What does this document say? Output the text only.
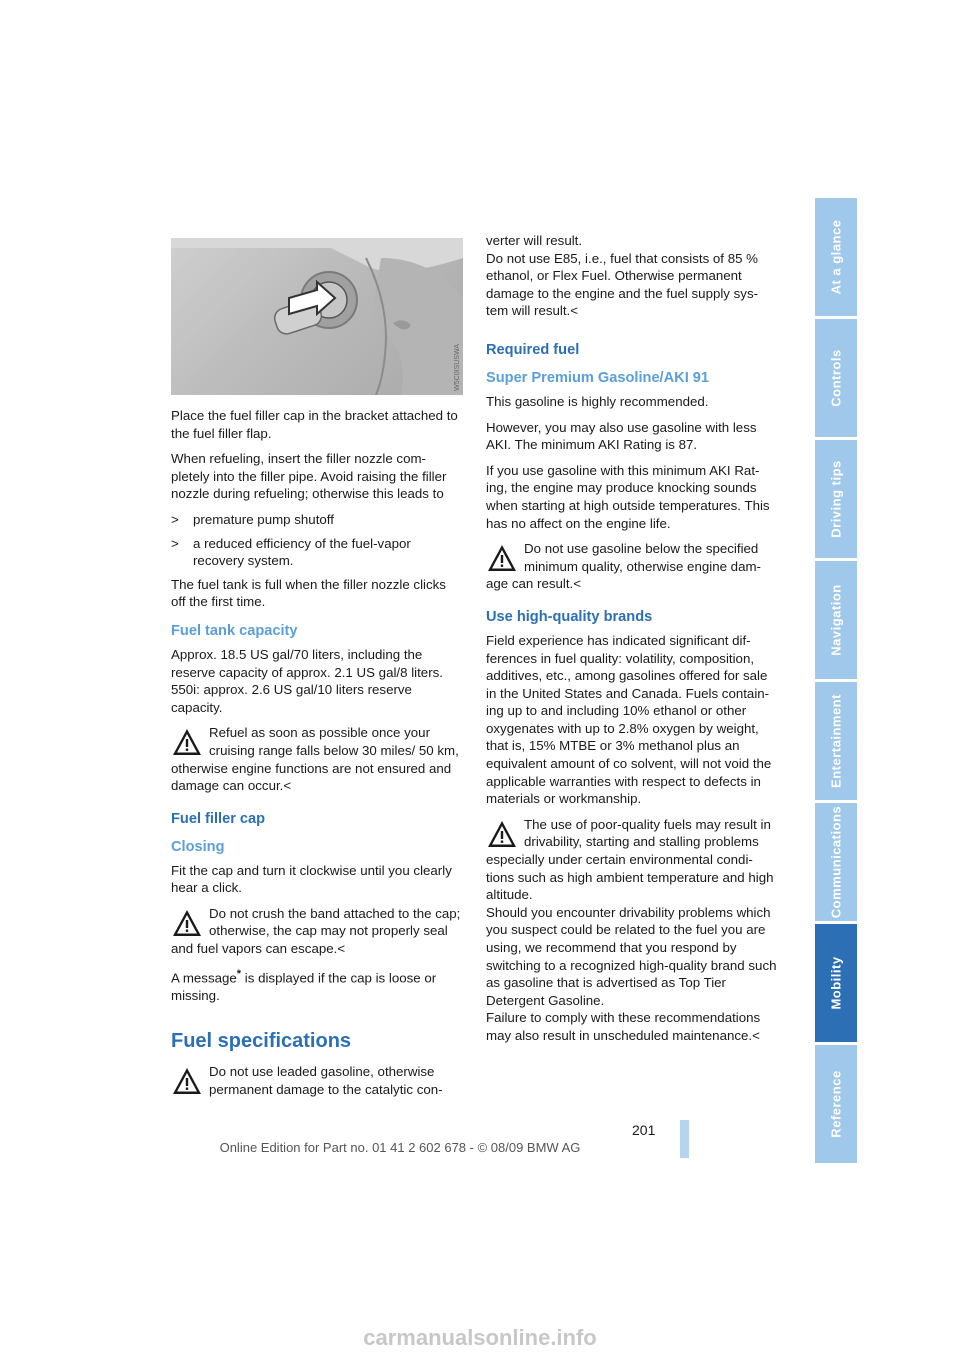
W5C0ISUSWA

Place the fuel filler cap in the bracket attached to the fuel filler flap.

When refueling, insert the filler nozzle com-pletely into the filler pipe. Avoid raising the filler nozzle during refueling; otherwise this leads to

> premature pump shutoff
> a reduced efficiency of the fuel-vapor recovery system.

The fuel tank is full when the filler nozzle clicks off the first time.

Fuel tank capacity

Approx. 18.5 US gal/70 liters, including the reserve capacity of approx. 2.1 US gal/8 liters. 550i: approx. 2.6 US gal/10 liters reserve capacity.

Refuel as soon as possible once your cruising range falls below 30 miles/ 50 km, otherwise engine functions are not ensured and damage can occur.<
Fuel filler cap
Closing

Fit the cap and turn it clockwise until you clearly hear a click.

Do not crush the band attached to the cap; otherwise, the cap may not properly seal and fuel vapors can escape.<

A message* is displayed if the cap is loose or missing.

Fuel specifications
Do not use leaded gasoline, otherwise permanent damage to the catalytic con-

verter will result.

Do not use E85, i.e., fuel that consists of 85 % ethanol, or Flex Fuel. Otherwise permanent damage to the engine and the fuel supply sys-tem will result.<

Required fuel
Super Premium Gasoline/AKI 91

This gasoline is highly recommended.

However, you may also use gasoline with less AKI. The minimum AKI Rating is 87.

If you use gasoline with this minimum AKI Rat-ing, the engine may produce knocking sounds when starting at high outside temperatures. This has no affect on the engine life.

Do not use gasoline below the specified minimum quality, otherwise engine dam-age can result.<
Use high-quality brands

Field experience has indicated significant dif-ferences in fuel quality: volatility, composition, additives, etc., among gasolines offered for sale in the United States and Canada. Fuels contain-ing up to and including 10% ethanol or other oxygenates with up to 2.8% oxygen by weight, that is, 15% MTBE or 3% methanol plus an equivalent amount of co solvent, will not void the applicable warranties with respect to defects in materials or workmanship.

The use of poor-quality fuels may result in drivability, starting and stalling problems especially under certain environmental condi-tions such as high ambient temperature and high altitude.
Should you encounter drivability problems which you suspect could be related to the fuel you are using, we recommend that you respond by switching to a recognized high-quality brand such as gasoline that is advertised as Top Tier Detergent Gasoline.
Failure to comply with these recommendations may also result in unscheduled maintenance.<
At a glance
Controls
Driving tips
Navigation
Entertainment
Communications
Mobility
Reference
201
Online Edition for Part no. 01 41 2 602 678 - © 08/09 BMW AG
carmanualsonline.info
